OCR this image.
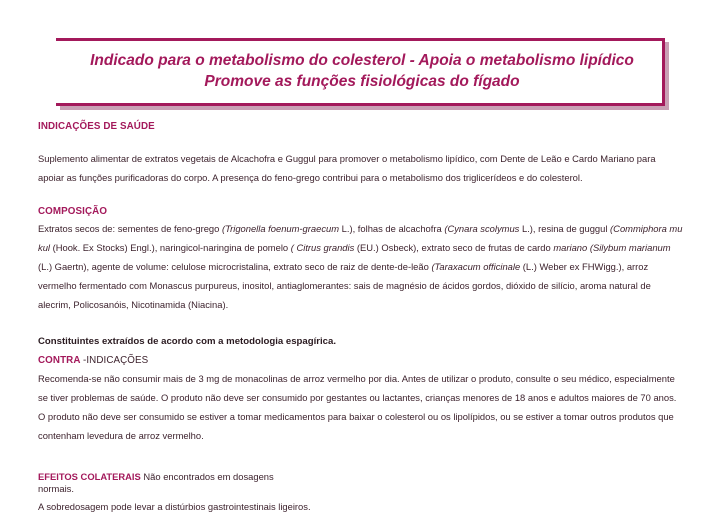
Indicado para o metabolismo do colesterol - Apoia o metabolismo lipídico
Promove as funções fisiológicas do fígado
INDICAÇÕES DE SAÚDE
Suplemento alimentar de extratos vegetais de Alcachofra e Guggul para promover o metabolismo lipídico, com Dente de Leão e Cardo Mariano para apoiar as funções purificadoras do corpo. A presença do feno-grego contribui para o metabolismo dos triglicerídeos e do colesterol.
COMPOSIÇÃO
Extratos secos de: sementes de feno-grego (Trigonella foenum-graecum L.), folhas de alcachofra (Cynara scolymus L.), resina de guggul (Commiphora mu kul (Hook. Ex Stocks) Engl.), naringicol-naringina de pomelo ( Citrus grandis (EU.) Osbeck), extrato seco de frutas de cardo mariano (Silybum marianum (L.) Gaertn), agente de volume: celulose microcristalina, extrato seco de raiz de dente-de-leão (Taraxacum officinale (L.) Weber ex FHWigg.), arroz vermelho fermentado com Monascus purpureus, inositol, antiaglomerantes: sais de magnésio de ácidos gordos, dióxido de silício, aroma natural de alecrim, Policosanóis, Nicotinamida (Niacina).
Constituintes extraídos de acordo com a metodologia espagírica.
CONTRA -INDICAÇÕES
Recomenda-se não consumir mais de 3 mg de monacolinas de arroz vermelho por dia. Antes de utilizar o produto, consulte o seu médico, especialmente se tiver problemas de saúde. O produto não deve ser consumido por gestantes ou lactantes, crianças menores de 18 anos e adultos maiores de 70 anos. O produto não deve ser consumido se estiver a tomar medicamentos para baixar o colesterol ou os lipolípidos, ou se estiver a tomar outros produtos que contenham levedura de arroz vermelho.
EFEITOS COLATERAIS Não encontrados em dosagens
normais.
A sobredosagem pode levar a distúrbios gastrointestinais ligeiros.
